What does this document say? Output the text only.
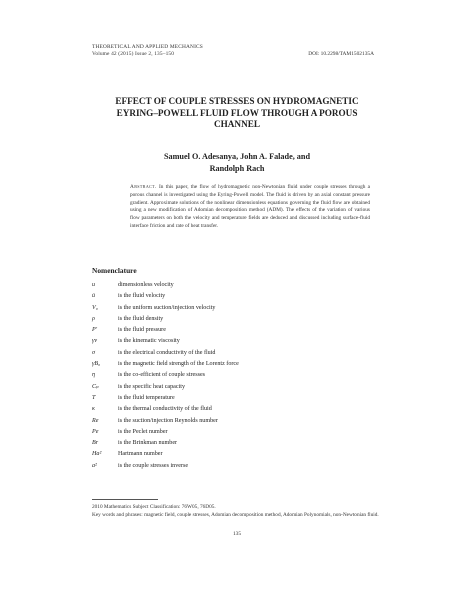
THEORETICAL AND APPLIED MECHANICS
Volume 42 (2015) Issue 2, 135–150	DOI: 10.2298/TAM1502135A
EFFECT OF COUPLE STRESSES ON HYDROMAGNETIC
EYRING–POWELL FLUID FLOW THROUGH A POROUS
CHANNEL
Samuel O. Adesanya, John A. Falade, and
Randolph Rach
Abstract. In this paper, the flow of hydromagnetic non-Newtonian fluid under couple stresses through a porous channel is investigated using the Eyring-Powell model. The fluid is driven by an axial constant pressure gradient. Approximate solutions of the nonlinear dimensionless equations governing the fluid flow are obtained using a new modification of Adomian decomposition method (ADM). The effects of the variation of various flow parameters on both the velocity and temperature fields are deduced and discussed including surface-fluid interface friction and rate of heat transfer.
Nomenclature
u	dimensionless velocity
ū	is the fluid velocity
V₀	is the uniform suction/injection velocity
ρ	is the fluid density
P′	is the fluid pressure
γν	is the kinematic viscosity
σ	is the electrical conductivity of the fluid
γB₀	is the magnetic field strength of the Lorentz force
η	is the co-efficient of couple stresses
Cₚ	is the specific heat capacity
T	is the fluid temperature
κ	is the thermal conductivity of the fluid
Re	is the suction/injection Reynolds number
Pe	is the Peclet number
Br	is the Brinkman number
Ha²	Hartmann number
a²	is the couple stresses inverse
2010 Mathematics Subject Classification: 76W05, 76D05.
Key words and phrases: magnetic field, couple stresses, Adomian decomposition method, Adomian Polynomials, non-Newtonian fluid.
135
